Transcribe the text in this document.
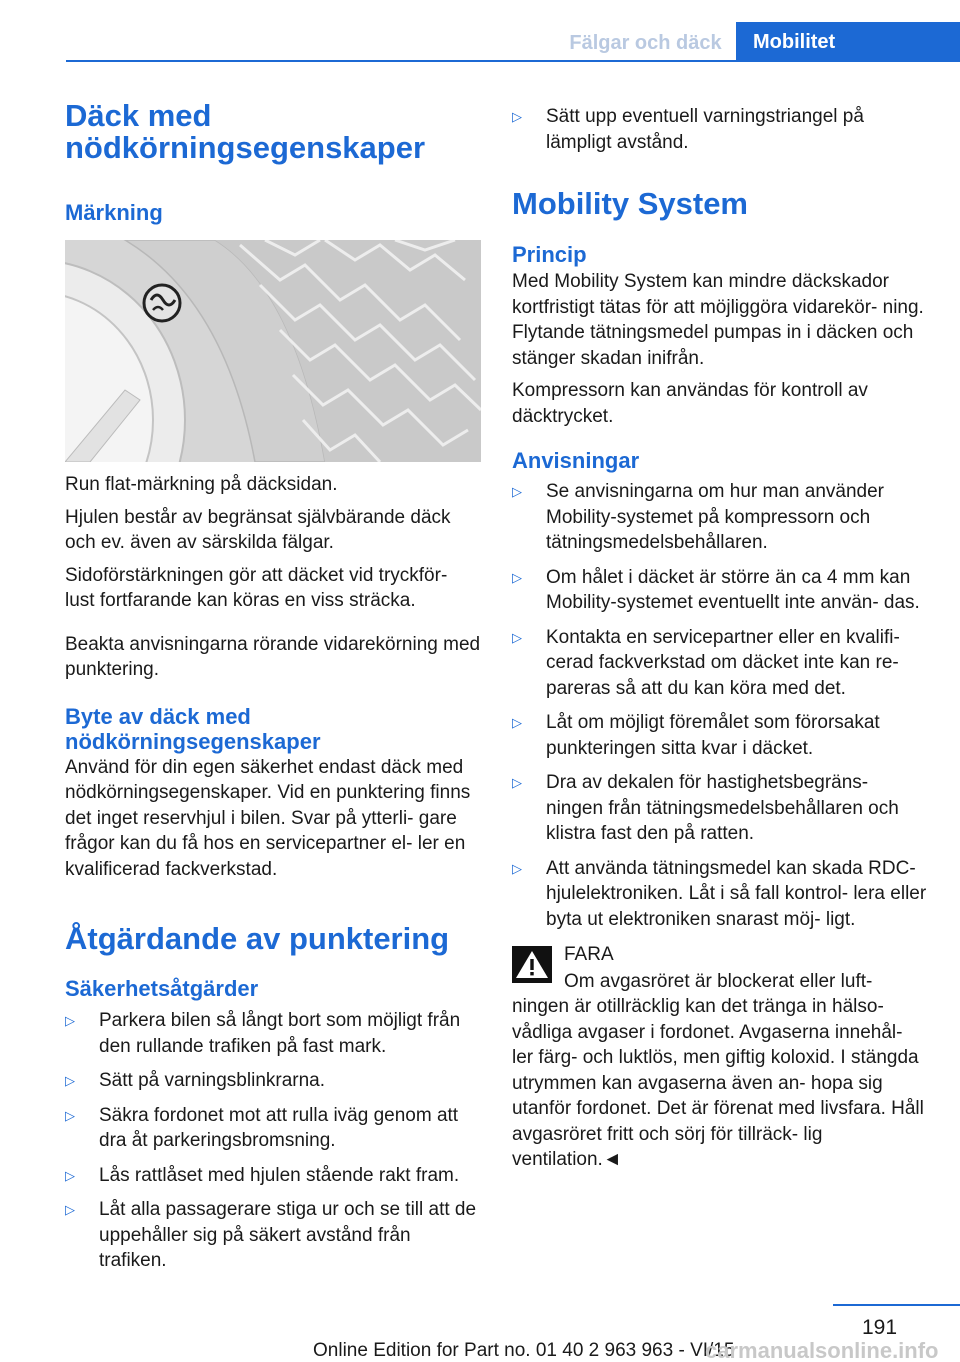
Fälgar och däck	Mobilitet
Däck med nödkörningsegenskaper
Märkning
Run flat-märkning på däcksidan.
Hjulen består av begränsat självbärande däck och ev. även av särskilda fälgar.
Sidoförstärkningen gör att däcket vid tryckför- lust fortfarande kan köras en viss sträcka.
Beakta anvisningarna rörande vidarekörning med punktering.
Byte av däck med nödkörningsegenskaper
Använd för din egen säkerhet endast däck med nödkörningsegenskaper. Vid en punktering finns det inget reservhjul i bilen. Svar på ytterli- gare frågor kan du få hos en servicepartner el- ler en kvalificerad fackverkstad.
Åtgärdande av punktering
Säkerhetsåtgärder
▷ Parkera bilen så långt bort som möjligt från den rullande trafiken på fast mark.
▷ Sätt på varningsblinkrarna.
▷ Säkra fordonet mot att rulla iväg genom att dra åt parkeringsbromsning.
▷ Lås rattlåset med hjulen stående rakt fram.
▷ Låt alla passagerare stiga ur och se till att de uppehåller sig på säkert avstånd från trafiken.
▷ Sätt upp eventuell varningstriangel på lämpligt avstånd.
Mobility System
Princip
Med Mobility System kan mindre däckskador kortfristigt tätas för att möjliggöra vidarekör- ning. Flytande tätningsmedel pumpas in i däcken och stänger skadan inifrån.
Kompressorn kan användas för kontroll av däcktrycket.
Anvisningar
▷ Se anvisningarna om hur man använder Mobility-systemet på kompressorn och tätningsmedelsbehållaren.
▷ Om hålet i däcket är större än ca 4 mm kan Mobility-systemet eventuellt inte använ- das.
▷ Kontakta en servicepartner eller en kvalifi- cerad fackverkstad om däcket inte kan re- pareras så att du kan köra med det.
▷ Låt om möjligt föremålet som förorsakat punkteringen sitta kvar i däcket.
▷ Dra av dekalen för hastighetsbegräns- ningen från tätningsmedelsbehållaren och klistra fast den på ratten.
▷ Att använda tätningsmedel kan skada RDC-hjulelektroniken. Låt i så fall kontrol- lera eller byta ut elektroniken snarast möj- ligt.
FARA
Om avgasröret är blockerat eller luft-
ningen är otillräcklig kan det tränga in hälso- vådliga avgaser i fordonet. Avgaserna innehål- ler färg- och luktlös, men giftig koloxid. I stängda utrymmen kan avgaserna även an- hopa sig utanför fordonet. Det är förenat med livsfara. Håll avgasröret fritt och sörj för tillräck- lig ventilation.◄
191
Online Edition for Part no. 01 40 2 963 963 - VI/15
carmanualsonline.info
